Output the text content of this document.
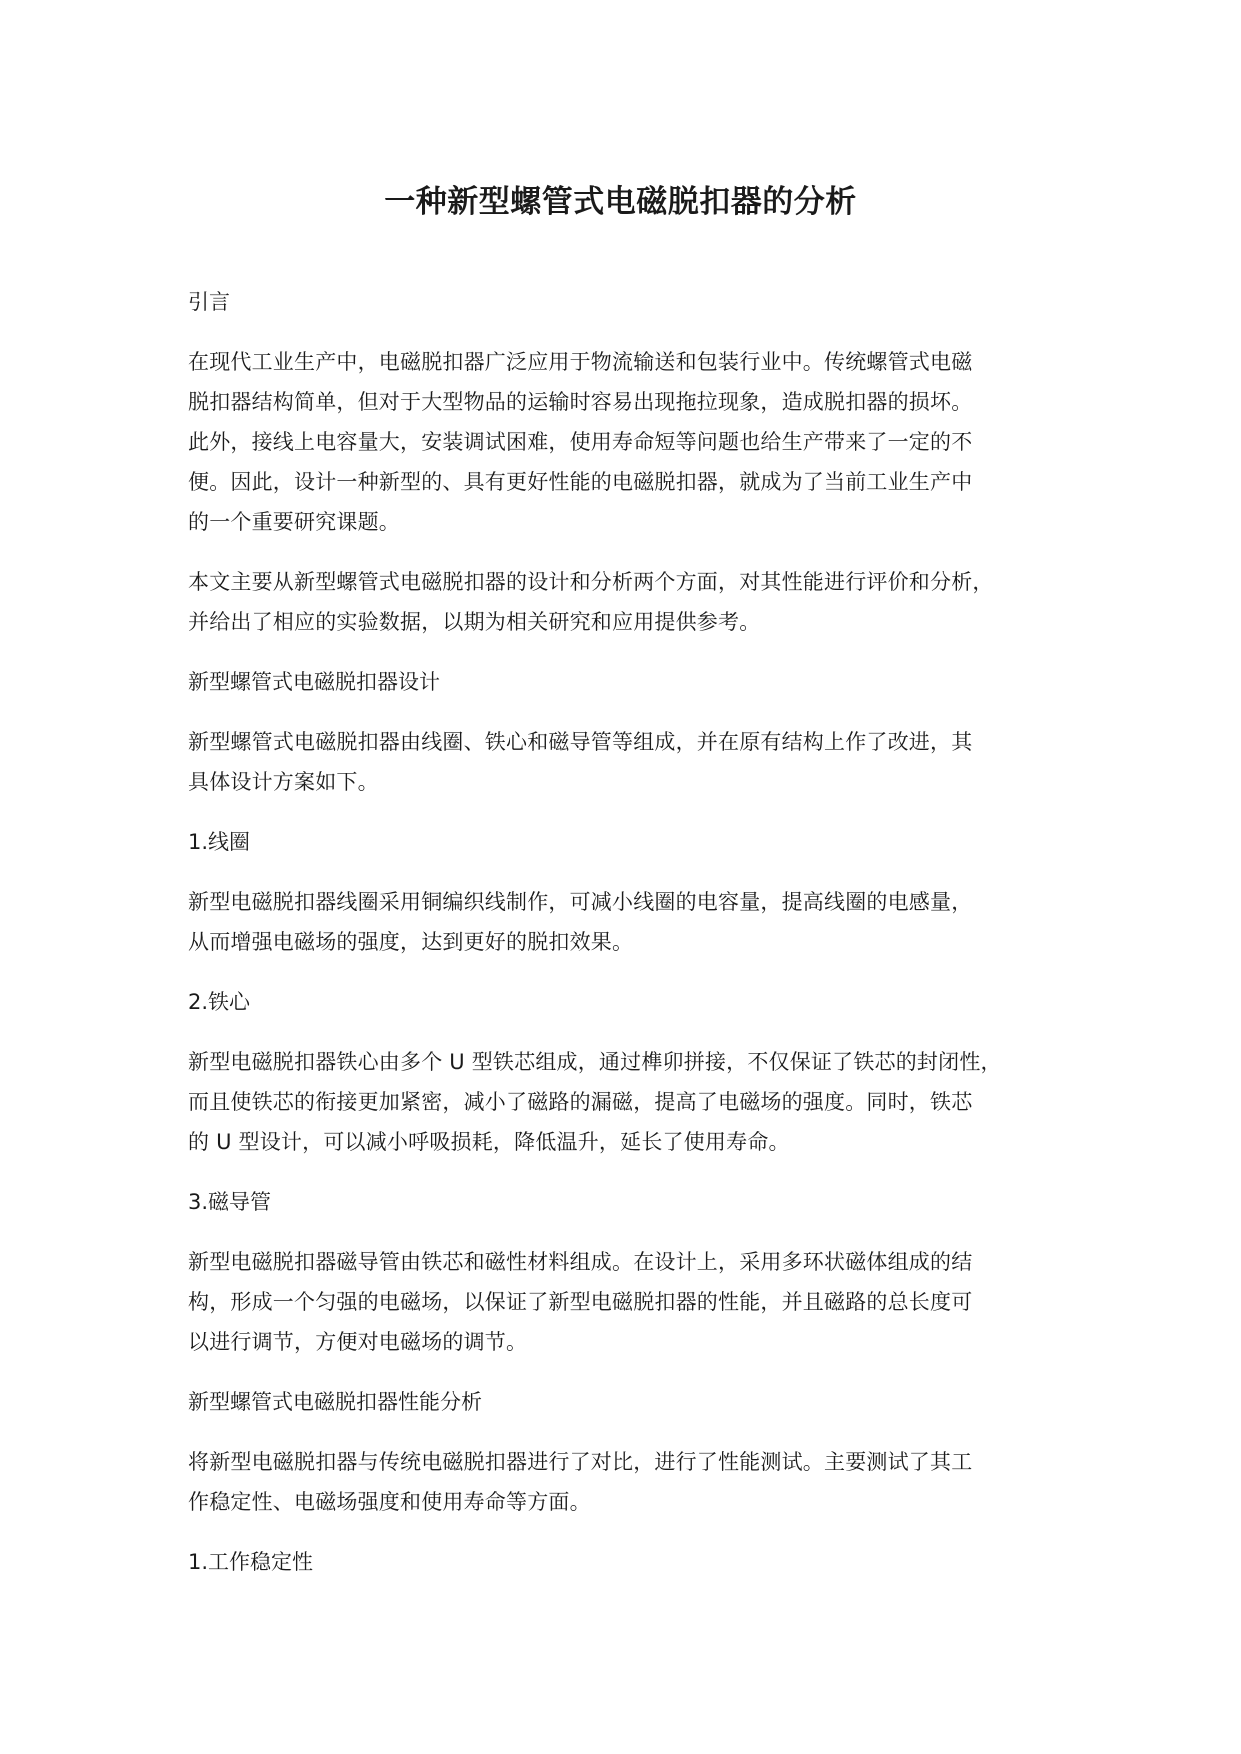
一种新型螺管式电磁脱扣器的分析
引言
在现代工业生产中，电磁脱扣器广泛应用于物流输送和包装行业中。传统螺管式电磁
脱扣器结构简单，但对于大型物品的运输时容易出现拖拉现象，造成脱扣器的损坏。
此外，接线上电容量大，安装调试困难，使用寿命短等问题也给生产带来了一定的不
便。因此，设计一种新型的、具有更好性能的电磁脱扣器，就成为了当前工业生产中
的一个重要研究课题。
本文主要从新型螺管式电磁脱扣器的设计和分析两个方面，对其性能进行评价和分析，
并给出了相应的实验数据，以期为相关研究和应用提供参考。
新型螺管式电磁脱扣器设计
新型螺管式电磁脱扣器由线圈、铁心和磁导管等组成，并在原有结构上作了改进，其
具体设计方案如下。
1.线圈
新型电磁脱扣器线圈采用铜编织线制作，可减小线圈的电容量，提高线圈的电感量，
从而增强电磁场的强度，达到更好的脱扣效果。
2.铁心
新型电磁脱扣器铁心由多个 U 型铁芯组成，通过榫卯拼接，不仅保证了铁芯的封闭性，
而且使铁芯的衔接更加紧密，减小了磁路的漏磁，提高了电磁场的强度。同时，铁芯
的 U 型设计，可以减小呼吸损耗，降低温升，延长了使用寿命。
3.磁导管
新型电磁脱扣器磁导管由铁芯和磁性材料组成。在设计上，采用多环状磁体组成的结
构，形成一个匀强的电磁场，以保证了新型电磁脱扣器的性能，并且磁路的总长度可
以进行调节，方便对电磁场的调节。
新型螺管式电磁脱扣器性能分析
将新型电磁脱扣器与传统电磁脱扣器进行了对比，进行了性能测试。主要测试了其工
作稳定性、电磁场强度和使用寿命等方面。
1.工作稳定性
